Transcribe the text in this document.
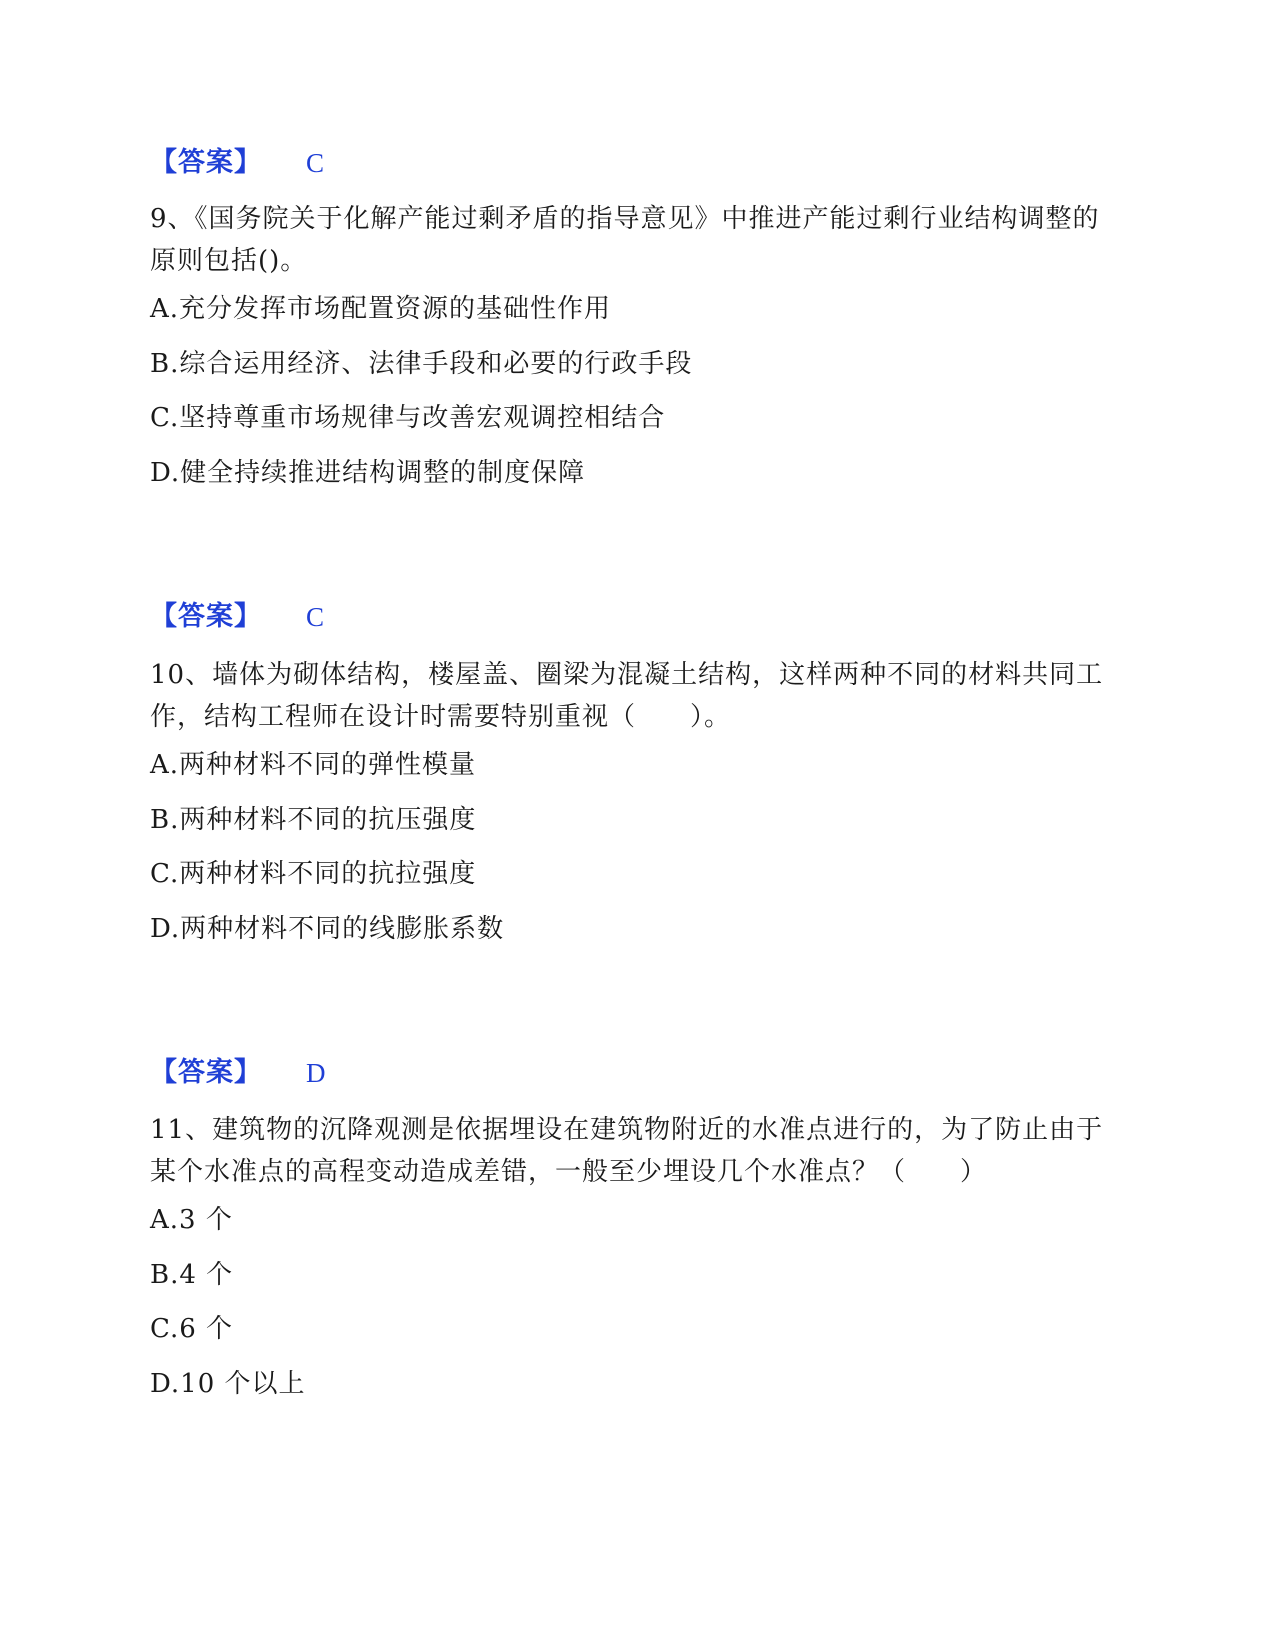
【答案】 C
9、《国务院关于化解产能过剩矛盾的指导意见》中推进产能过剩行业结构调整的原则包括()。
A.充分发挥市场配置资源的基础性作用
B.综合运用经济、法律手段和必要的行政手段
C.坚持尊重市场规律与改善宏观调控相结合
D.健全持续推进结构调整的制度保障
【答案】 C
10、墙体为砌体结构，楼屋盖、圈梁为混凝土结构，这样两种不同的材料共同工作，结构工程师在设计时需要特别重视（　　）。
A.两种材料不同的弹性模量
B.两种材料不同的抗压强度
C.两种材料不同的抗拉强度
D.两种材料不同的线膨胀系数
【答案】 D
11、建筑物的沉降观测是依据埋设在建筑物附近的水准点进行的，为了防止由于某个水准点的高程变动造成差错，一般至少埋设几个水准点？（　　）
A.3 个
B.4 个
C.6 个
D.10 个以上
